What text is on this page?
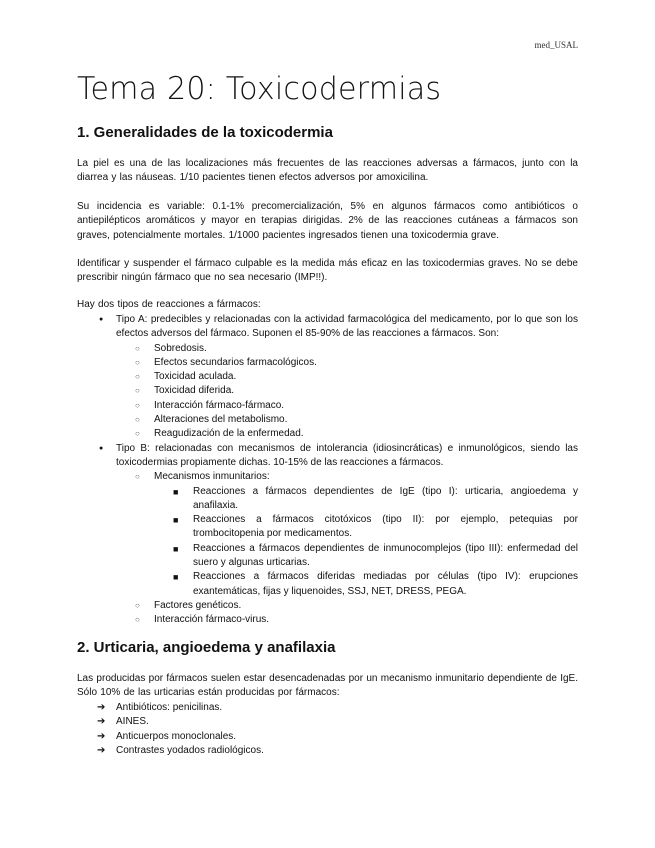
med_USAL
Tema 20: Toxicodermias
1. Generalidades de la toxicodermia

La piel es una de las localizaciones más frecuentes de las reacciones adversas a fármacos, junto con la diarrea y las náuseas. 1/10 pacientes tienen efectos adversos por amoxicilina.

Su incidencia es variable: 0.1-1% precomercialización, 5% en algunos fármacos como antibióticos o antiepilépticos aromáticos y mayor en terapias dirigidas. 2% de las reacciones cutáneas a fármacos son graves, potencialmente mortales. 1/1000 pacientes ingresados tienen una toxicodermia grave.

Identificar y suspender el fármaco culpable es la medida más eficaz en las toxicodermias graves. No se debe prescribir ningún fármaco que no sea necesario (IMP!!).

Hay dos tipos de reacciones a fármacos:

● Tipo A: predecibles y relacionadas con la actividad farmacológica del medicamento, por lo que son los efectos adversos del fármaco. Suponen el 85-90% de las reacciones a fármacos. Son:
○ Sobredosis.
○ Efectos secundarios farmacológicos.
○ Toxicidad aculada.
○ Toxicidad diferida.
○ Interacción fármaco-fármaco.
○ Alteraciones del metabolismo.
○ Reagudización de la enfermedad.
● Tipo B: relacionadas con mecanismos de intolerancia (idiosincráticas) e inmunológicos, siendo las toxicodermias propiamente dichas. 10-15% de las reacciones a fármacos.
○ Mecanismos inmunitarios:
■ Reacciones a fármacos dependientes de IgE (tipo I): urticaria, angioedema y anafilaxia.
■ Reacciones a fármacos citotóxicos (tipo II): por ejemplo, petequias por trombocitopenia por medicamentos.
■ Reacciones a fármacos dependientes de inmunocomplejos (tipo III): enfermedad del suero y algunas urticarias.
■ Reacciones a fármacos diferidas mediadas por células (tipo IV): erupciones exantemáticas, fijas y liquenoides, SSJ, NET, DRESS, PEGA.
○ Factores genéticos.
○ Interacción fármaco-virus.
2. Urticaria, angioedema y anafilaxia

Las producidas por fármacos suelen estar desencadenadas por un mecanismo inmunitario dependiente de IgE. Sólo 10% de las urticarias están producidas por fármacos:

➔ Antibióticos: penicilinas.
➔ AINES.
➔ Anticuerpos monoclonales.
➔ Contrastes yodados radiológicos.
